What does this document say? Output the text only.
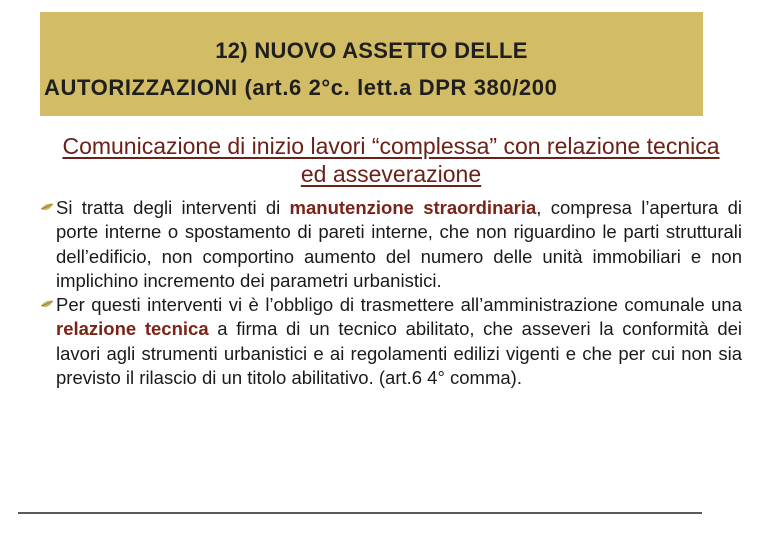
12) NUOVO ASSETTO DELLE
AUTORIZZAZIONI (art.6 2°c. lett.a DPR 380/200
Comunicazione di inizio lavori “complessa” con relazione tecnica ed asseverazione
Si tratta degli interventi di manutenzione straordinaria, compresa l’apertura di porte interne o spostamento di pareti interne, che non riguardino le parti strutturali dell’edificio, non comportino aumento del numero delle unità immobiliari e non implichino incremento dei parametri urbanistici.
Per questi interventi vi è l’obbligo di trasmettere all’amministrazione comunale una relazione tecnica a firma di un tecnico abilitato, che asseveri la conformità dei lavori agli strumenti urbanistici e ai regolamenti edilizi vigenti e che per cui non sia previsto il rilascio di un titolo abilitativo. (art.6 4° comma).
